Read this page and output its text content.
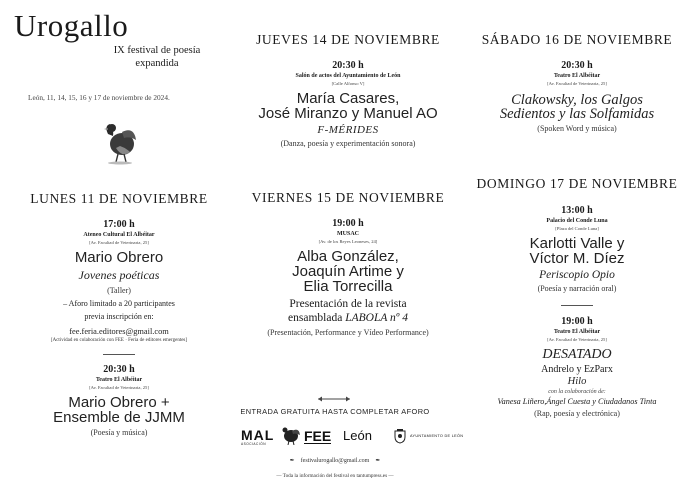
Urogallo
IX festival de poesía
expandida
León, 11, 14, 15, 16 y 17 de noviembre de 2024.
LUNES 11 DE NOVIEMBRE
17:00 h
Ateneo Cultural El Albéitar
[Av. Facultad de Veterinaria, 25]
Mario Obrero
Jovenes poéticas
(Taller)
– Aforo limitado a 20 participantes
previa inscripción en:
fee.feria.editores@gmail.com
[Actividad en colaboración con FEE · Feria de editores emergentes]
20:30 h
Teatro El Albéitar
[Av. Facultad de Veterinaria, 25]
Mario Obrero +
Ensemble de JJMM
(Poesía y música)
JUEVES 14 DE NOVIEMBRE
20:30 h
Salón de actos del Ayuntamiento de León
[Calle Alfonso V]
María Casares,
José Miranzo y Manuel AO
F-MÉRIDES
(Danza, poesía y experimentación sonora)
VIERNES 15 DE NOVIEMBRE
19:00 h
MUSAC
[Av. de los Reyes Leoneses, 24]
Alba González,
Joaquín Artime y
Elia Torrecilla
Presentación de la revista
ensamblada LABOLA nº 4
(Presentación, Performance y Vídeo Performance)
SÁBADO 16 DE NOVIEMBRE
20:30 h
Teatro El Albéitar
[Av. Facultad de Veterinaria, 25]
Clakowsky, los Galgos
Sedientos y las Solfamidas
(Spoken Word y música)
DOMINGO 17 DE NOVIEMBRE
13:00 h
Palacio del Conde Luna
[Plaza del Conde Luna]
Karlotti Valle y
Víctor M. Díez
Periscopio Opio
(Poesía y narración oral)
19:00 h
Teatro El Albéitar
[Av. Facultad de Veterinaria, 25]
DESATADO
Andrelo y EzParx
Hilo
con la colaboración de:
Vanesa Liñero,Ángel Cuesta y Ciudadanos Tinta
(Rap, poesía y electrónica)
ENTRADA GRATUITA HASTA COMPLETAR AFORO
MAL
ASOCIACIÓN	FEE León	AYUNTAMIENTO DE LEÓN
✒ festivalurogallo@gmail.com ✒
— Toda la información del festival en tantumpress.es —
